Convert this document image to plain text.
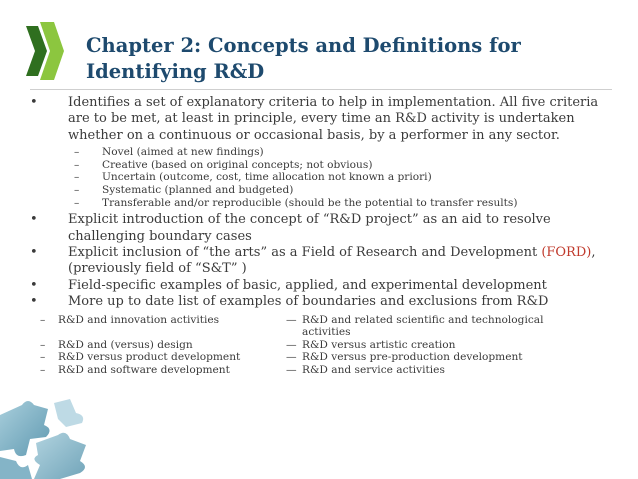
Chapter 2: Concepts and Definitions for Identifying R&D
• Identifies a set of explanatory criteria to help in implementation. All five criteria are to be met, at least in principle, every time an R&D activity is undertaken whether on a continuous or occasional basis, by a performer in any sector.
– Novel (aimed at new findings)
– Creative (based on original concepts; not obvious)
– Uncertain (outcome, cost, time allocation not known a priori)
– Systematic (planned and budgeted)
– Transferable and/or reproducible (should be the potential to transfer results)
• Explicit introduction of the concept of “R&D project” as an aid to resolve challenging boundary cases
• Explicit inclusion of “the arts” as a Field of Research and Development (FORD), (previously field of “S&T” )
• Field-specific examples of basic, applied, and experimental development
• More up to date list of examples of boundaries and exclusions from R&D
– R&D and innovation activities	— R&D and related scientific and technological activities
– R&D and (versus) design	— R&D versus artistic creation
– R&D versus product development	— R&D versus pre-production development
– R&D and software development	— R&D and service activities
